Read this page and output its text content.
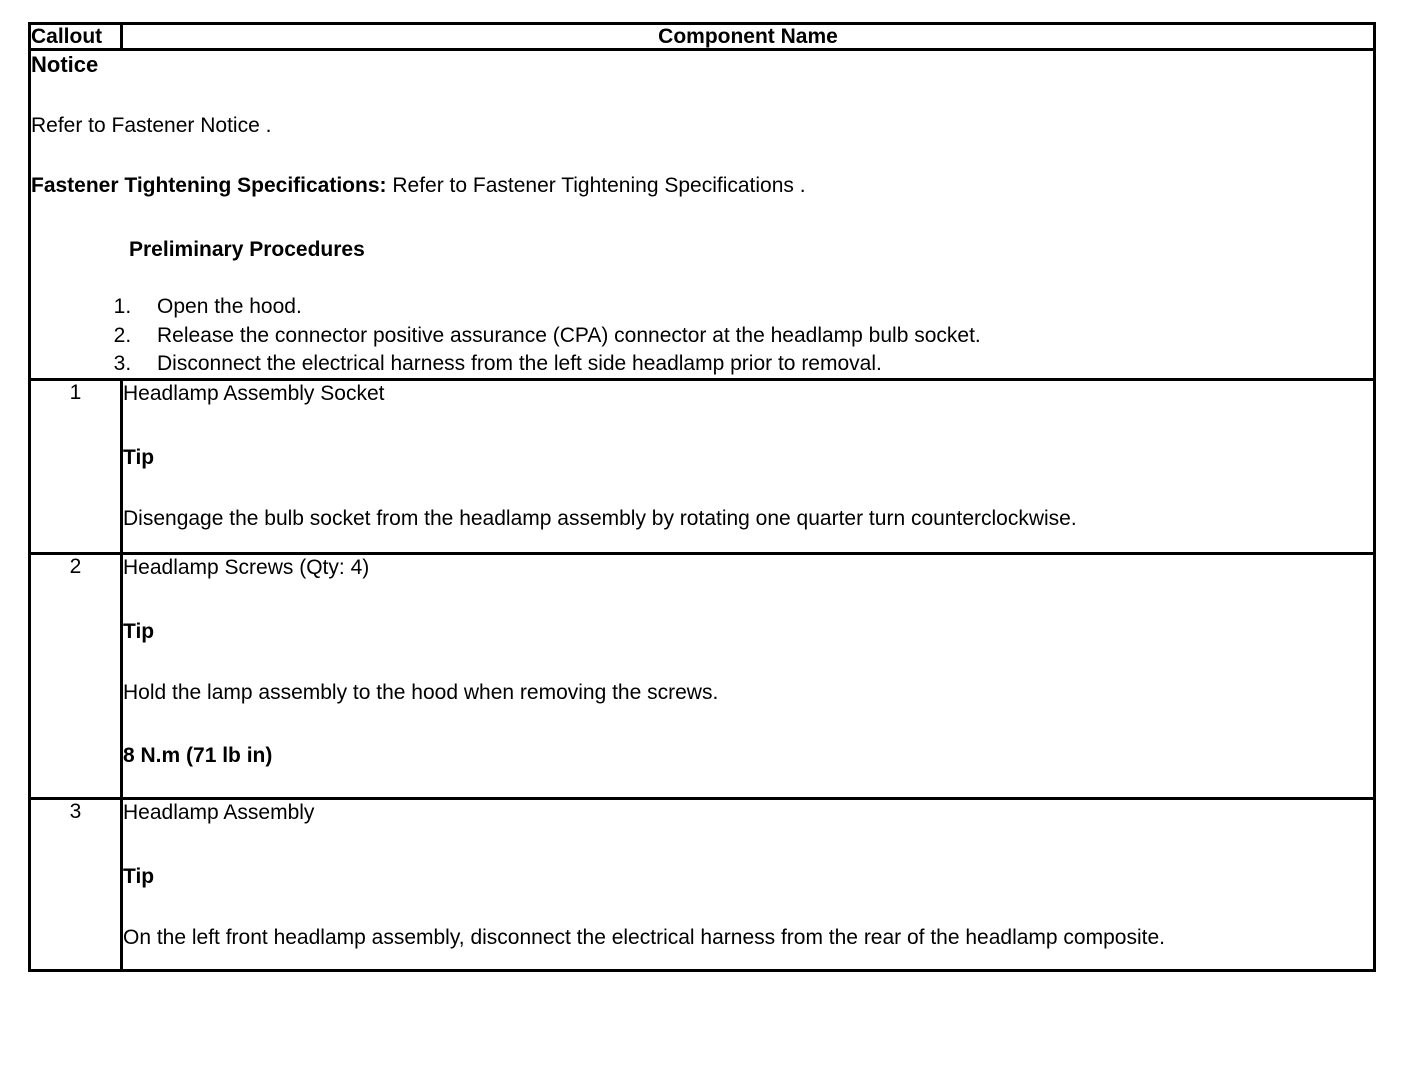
Callout	Component Name

Notice
Refer to Fastener Notice .
Fastener Tightening Specifications: Refer to Fastener Tightening Specifications .
Preliminary Procedures
1. Open the hood.
2. Release the connector positive assurance (CPA) connector at the headlamp bulb socket.
3. Disconnect the electrical harness from the left side headlamp prior to removal.

1	Headlamp Assembly Socket
Tip
Disengage the bulb socket from the headlamp assembly by rotating one quarter turn counterclockwise.

2	Headlamp Screws (Qty: 4)
Tip
Hold the lamp assembly to the hood when removing the screws.
8 N.m (71 lb in)

3	Headlamp Assembly
Tip
On the left front headlamp assembly, disconnect the electrical harness from the rear of the headlamp composite.
